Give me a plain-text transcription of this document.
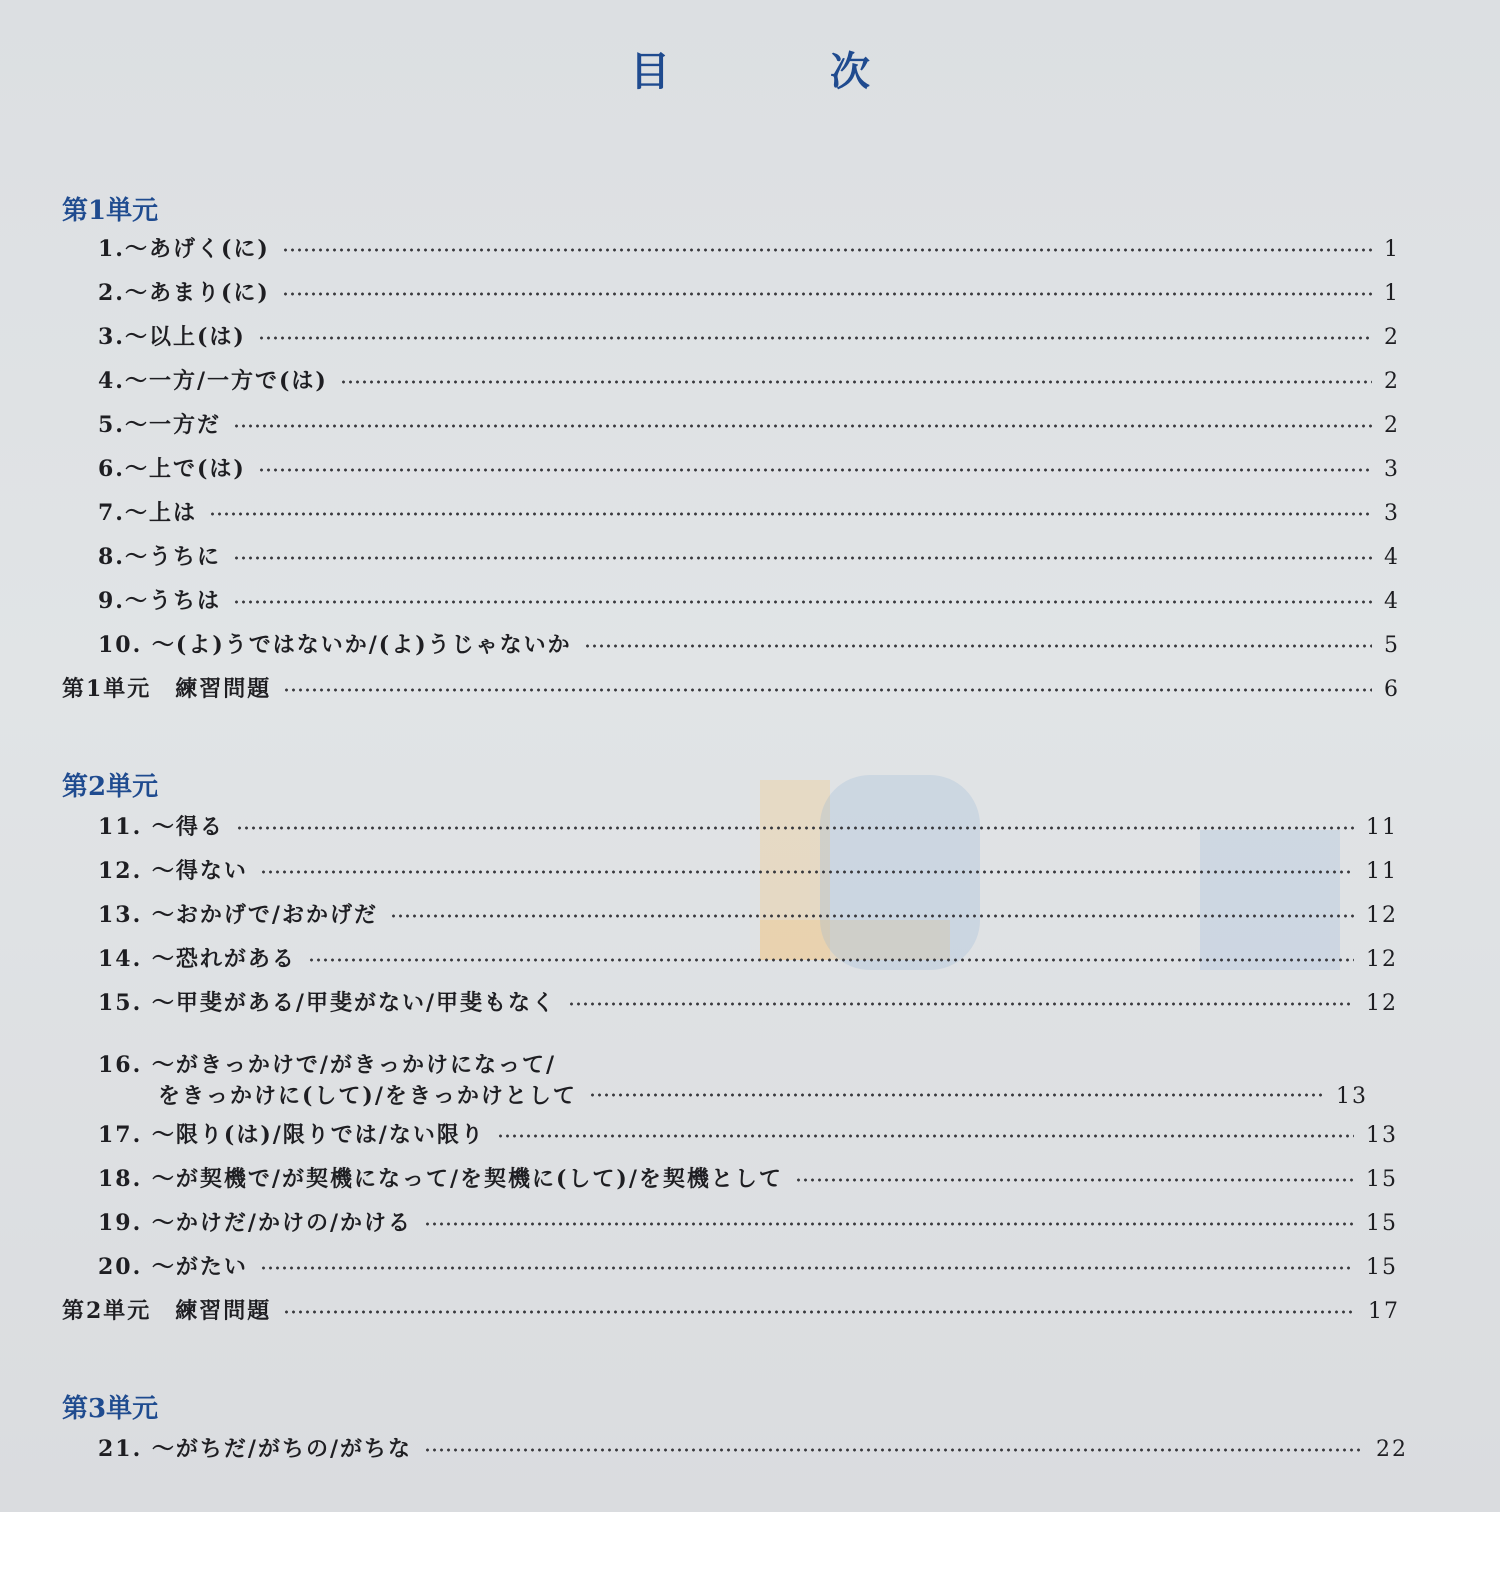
目　次
第1単元
1.～あげく(に)	1
2.～あまり(に)	1
3.～以上(は)	2
4.～一方/一方で(は)	2
5.～一方だ	2
6.～上で(は)	3
7.～上は	3
8.～うちに	4
9.～うちは	4
10. ～(よ)うではないか/(よ)うじゃないか	5
第1単元　練習問題	6
第2単元
11. ～得る	11
12. ～得ない	11
13. ～おかげで/おかげだ	12
14. ～恐れがある	12
15. ～甲斐がある/甲斐がない/甲斐もなく	12
16. ～がきっかけで/がきっかけになって/
をきっかけに(して)/をきっかけとして	13
17. ～限り(は)/限りでは/ない限り	13
18. ～が契機で/が契機になって/を契機に(して)/を契機として	15
19. ～かけだ/かけの/かける	15
20. ～がたい	15
第2単元　練習問題	17
第3単元
21. ～がちだ/がちの/がちな	22
